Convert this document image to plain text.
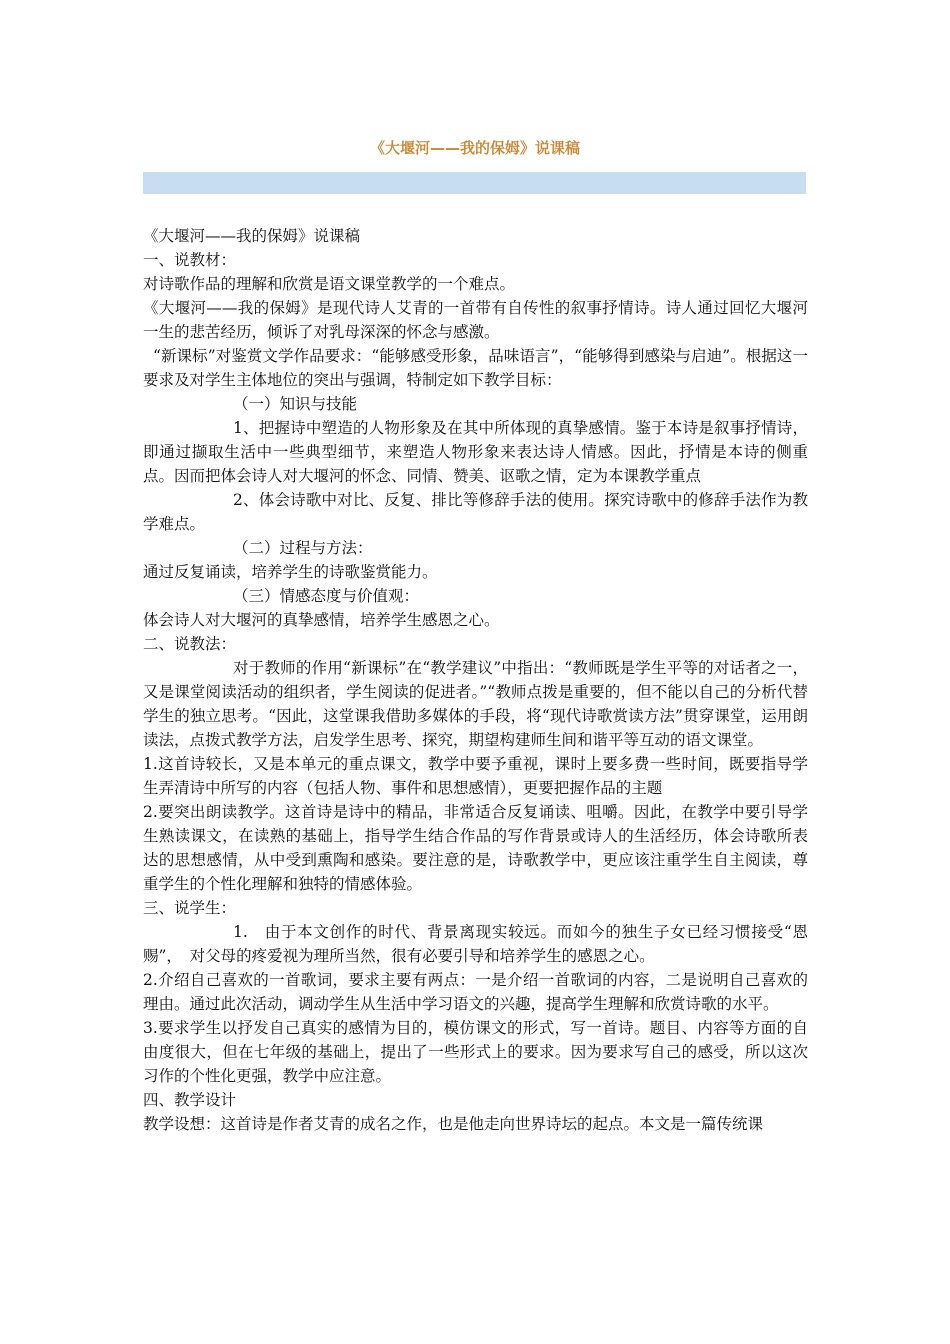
《大堰河——我的保姆》说课稿

《大堰河——我的保姆》说课稿

一、说教材：

对诗歌作品的理解和欣赏是语文课堂教学的一个难点。

《大堰河——我的保姆》是现代诗人艾青的一首带有自传性的叙事抒情诗。诗人通过回忆大堰河一生的悲苦经历，倾诉了对乳母深深的怀念与感激。

“新课标”对鉴赏文学作品要求：“能够感受形象，品味语言”，“能够得到感染与启迪”。根据这一要求及对学生主体地位的突出与强调，特制定如下教学目标：

（一）知识与技能

1、把握诗中塑造的人物形象及在其中所体现的真挚感情。鉴于本诗是叙事抒情诗，即通过撷取生活中一些典型细节，来塑造人物形象来表达诗人情感。因此，抒情是本诗的侧重点。因而把体会诗人对大堰河的怀念、同情、赞美、讴歌之情，定为本课教学重点

2、体会诗歌中对比、反复、排比等修辞手法的使用。探究诗歌中的修辞手法作为教学难点。

（二）过程与方法：

通过反复诵读，培养学生的诗歌鉴赏能力。

（三）情感态度与价值观：

体会诗人对大堰河的真挚感情，培养学生感恩之心。

二、说教法：

对于教师的作用“新课标”在“教学建议”中指出：“教师既是学生平等的对话者之一，又是课堂阅读活动的组织者，学生阅读的促进者。”“教师点拨是重要的，但不能以自己的分析代替学生的独立思考。“因此，这堂课我借助多媒体的手段，将“现代诗歌赏读方法”贯穿课堂，运用朗读法，点拨式教学方法，启发学生思考、探究，期望构建师生间和谐平等互动的语文课堂。

1.这首诗较长，又是本单元的重点课文，教学中要予重视，课时上要多费一些时间，既要指导学生弄清诗中所写的内容（包括人物、事件和思想感情），更要把握作品的主题

2.要突出朗读教学。这首诗是诗中的精品，非常适合反复诵读、咀嚼。因此，在教学中要引导学生熟读课文，在读熟的基础上，指导学生结合作品的写作背景或诗人的生活经历，体会诗歌所表达的思想感情，从中受到熏陶和感染。要注意的是，诗歌教学中，更应该注重学生自主阅读，尊重学生的个性化理解和独特的情感体验。

三、说学生：

1.　由于本文创作的时代、背景离现实较远。而如今的独生子女已经习惯接受“恩赐”，　对父母的疼爱视为理所当然，很有必要引导和培养学生的感恩之心。

2.介绍自己喜欢的一首歌词，要求主要有两点：一是介绍一首歌词的内容，二是说明自己喜欢的理由。通过此次活动，调动学生从生活中学习语文的兴趣，提高学生理解和欣赏诗歌的水平。

3.要求学生以抒发自己真实的感情为目的，模仿课文的形式，写一首诗。题目、内容等方面的自由度很大，但在七年级的基础上，提出了一些形式上的要求。因为要求写自己的感受，所以这次习作的个性化更强，教学中应注意。

四、教学设计

教学设想：这首诗是作者艾青的成名之作，也是他走向世界诗坛的起点。本文是一篇传统课
